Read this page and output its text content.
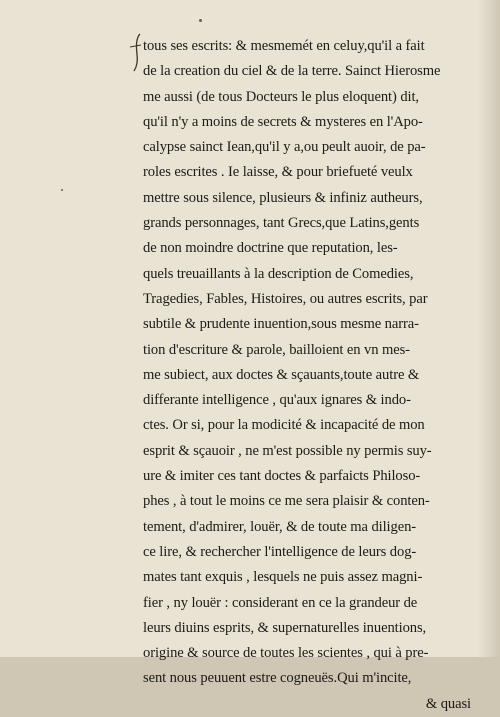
tous ses escrits: & mesmemét en celuy,qu'il a fait
de la creation du ciel & de la terre. Sainct Hierosme
me aussi (de tous Docteurs le plus eloquent) dit,
qu'il n'y a moins de secrets & mysteres en l'Apo-
calypse sainct Iean,qu'il y a,ou peult auoir, de pa-
roles escrites . Ie laisse, & pour briefueté veulx
mettre sous silence, plusieurs & infiniz autheurs,
grands personnages, tant Grecs,que Latins,gents
de non moindre doctrine que reputation, les-
quels treuaillants à la description de Comedies,
Tragedies, Fables, Histoires, ou autres escrits, par
subtile & prudente inuention,sous mesme narra-
tion d'escriture & parole, bailloient en vn mes-
me subiect, aux doctes & sçauants,toute autre &
differante intelligence , qu'aux ignares & indo-
ctes. Or si, pour la modicité & incapacité de mon
esprit & sçauoir , ne m'est possible ny permis suy-
ure & imiter ces tant doctes & parfaicts Philoso-
phes , à tout le moins ce me sera plaisir & conten-
tement, d'admirer, louër, & de toute ma diligen-
ce lire, & rechercher l'intelligence de leurs dog-
mates tant exquis , lesquels ne puis assez magni-
fier , ny louër : considerant en ce la grandeur de
leurs diuins esprits, & supernaturelles inuentions,
origine & source de toutes les scientes , qui à pre-
sent nous peuuent estre cogneuës.Qui m'incite,
& quasi
